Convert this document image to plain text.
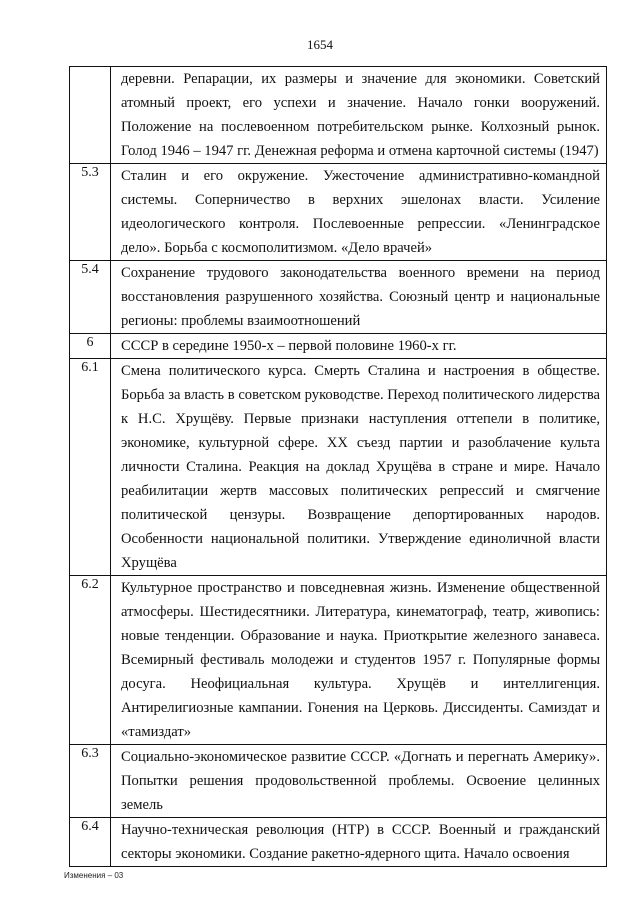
1654
	деревни. Репарации, их размеры и значение для экономики. Советский атомный проект, его успехи и значение. Начало гонки вооружений. Положение на послевоенном потребительском рынке. Колхозный рынок. Голод 1946 – 1947 гг. Денежная реформа и отмена карточной системы (1947)
5.3	Сталин и его окружение. Ужесточение административно-командной системы. Соперничество в верхних эшелонах власти. Усиление идеологического контроля. Послевоенные репрессии. «Ленинградское дело». Борьба с космополитизмом. «Дело врачей»
5.4	Сохранение трудового законодательства военного времени на период восстановления разрушенного хозяйства. Союзный центр и национальные регионы: проблемы взаимоотношений
6	СССР в середине 1950-х – первой половине 1960-х гг.
6.1	Смена политического курса. Смерть Сталина и настроения в обществе. Борьба за власть в советском руководстве. Переход политического лидерства к Н.С. Хрущёву. Первые признаки наступления оттепели в политике, экономике, культурной сфере. XX съезд партии и разоблачение культа личности Сталина. Реакция на доклад Хрущёва в стране и мире. Начало реабилитации жертв массовых политических репрессий и смягчение политической цензуры. Возвращение депортированных народов. Особенности национальной политики. Утверждение единоличной власти Хрущёва
6.2	Культурное пространство и повседневная жизнь. Изменение общественной атмосферы. Шестидесятники. Литература, кинематограф, театр, живопись: новые тенденции. Образование и наука. Приоткрытие железного занавеса. Всемирный фестиваль молодежи и студентов 1957 г. Популярные формы досуга. Неофициальная культура. Хрущёв и интеллигенция. Антирелигиозные кампании. Гонения на Церковь. Диссиденты. Самиздат и «тамиздат»
6.3	Социально-экономическое развитие СССР. «Догнать и перегнать Америку». Попытки решения продовольственной проблемы. Освоение целинных земель
6.4	Научно-техническая революция (НТР) в СССР. Военный и гражданский секторы экономики. Создание ракетно-ядерного щита. Начало освоения
Изменения – 03
